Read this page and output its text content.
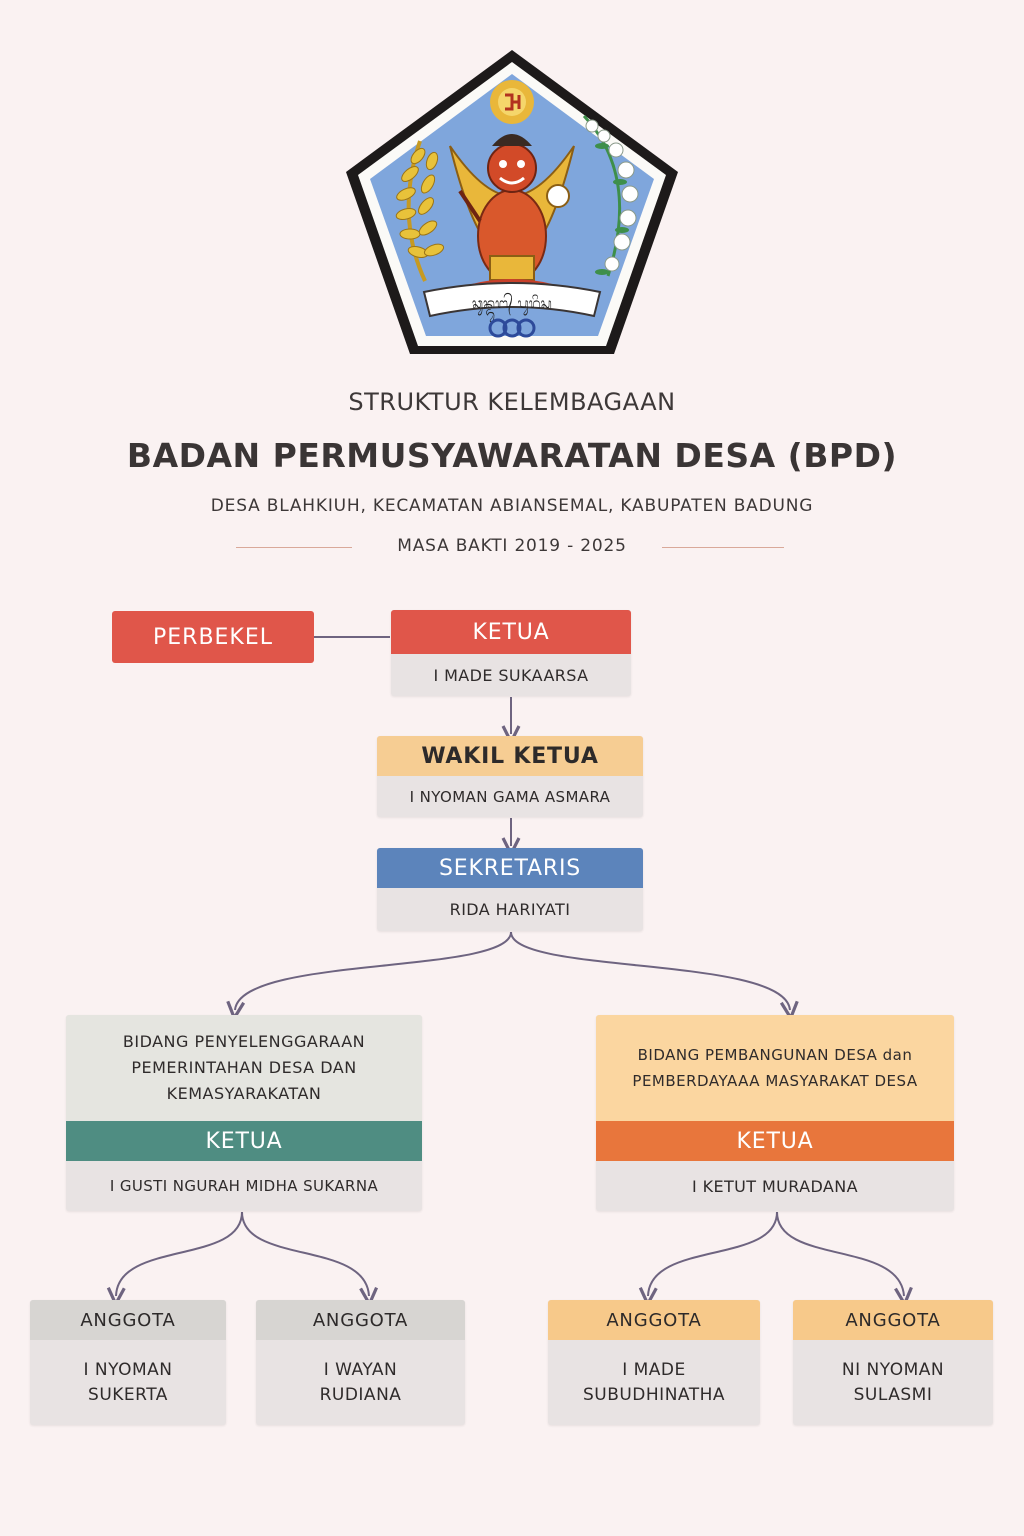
ᬘᬸᬦ᭄ᬤᬸᬗ᭄ ᬧᬸᬭᬶᬲ
STRUKTUR KELEMBAGAAN
BADAN PERMUSYAWARATAN DESA (BPD)
DESA BLAHKIUH, KECAMATAN ABIANSEMAL, KABUPATEN BADUNG
MASA BAKTI 2019 - 2025
PERBEKEL	KETUA
I MADE SUKAARSA
WAKIL KETUA
I NYOMAN GAMA ASMARA
SEKRETARIS
RIDA HARIYATI
BIDANG PENYELENGGARAAN
PEMERINTAHAN DESA DAN
KEMASYARAKATAN
KETUA
I GUSTI NGURAH MIDHA SUKARNA
BIDANG PEMBANGUNAN DESA dan
PEMBERDAYAAA MASYARAKAT DESA
KETUA
I KETUT MURADANA
ANGGOTA
I NYOMAN
SUKERTA
ANGGOTA
I WAYAN
RUDIANA
ANGGOTA
I MADE
SUBUDHINATHA
ANGGOTA
NI NYOMAN
SULASMI
